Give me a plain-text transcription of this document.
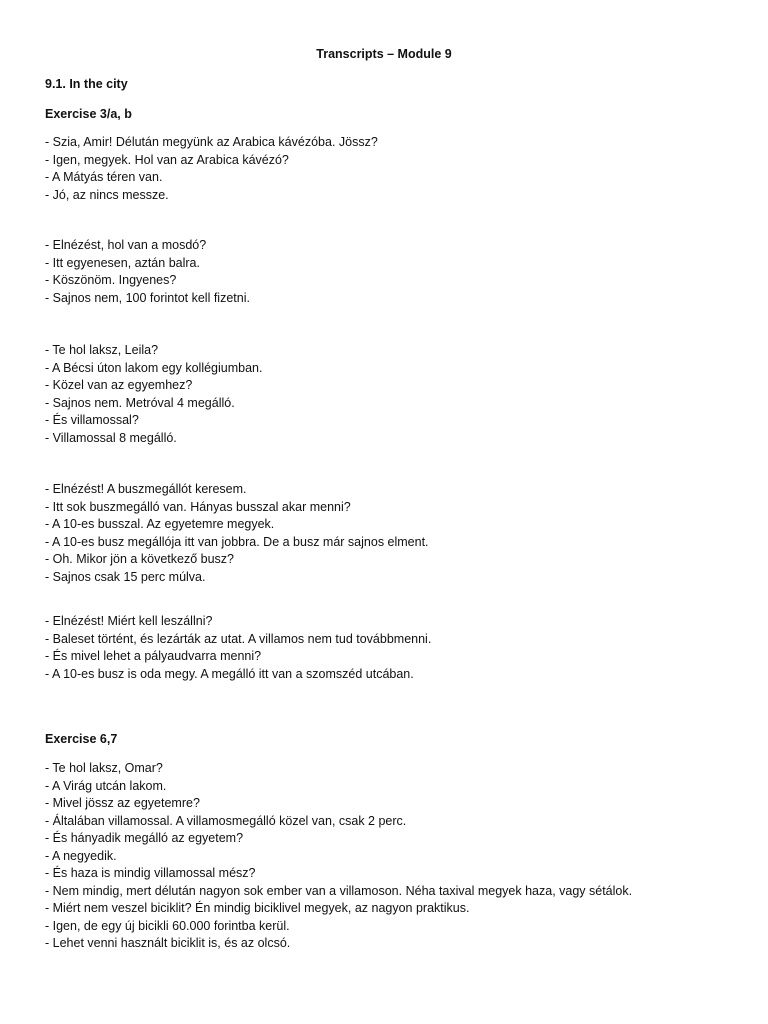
Transcripts – Module 9

9.1. In the city

Exercise 3/a, b

- Szia, Amir! Délután megyünk az Arabica kávézóba. Jössz?
- Igen, megyek. Hol van az Arabica kávézó?
- A Mátyás téren van.
- Jó, az nincs messze.
- Elnézést, hol van a mosdó?
- Itt egyenesen, aztán balra.
- Köszönöm. Ingyenes?
- Sajnos nem, 100 forintot kell fizetni.
- Te hol laksz, Leila?
- A Bécsi úton lakom egy kollégiumban.
- Közel van az egyemhez?
- Sajnos nem. Metróval 4 megálló.
- És villamossal?
- Villamossal 8 megálló.
- Elnézést! A buszmegállót keresem.
- Itt sok buszmegálló van. Hányas busszal akar menni?
- A 10-es busszal. Az egyetemre megyek.
- A 10-es busz megállója itt van jobbra. De a busz már sajnos elment.
- Oh. Mikor jön a következő busz?
- Sajnos csak 15 perc múlva.
- Elnézést! Miért kell leszállni?
- Baleset történt, és lezárták az utat. A villamos nem tud továbbmenni.
- És mivel lehet a pályaudvarra menni?
- A 10-es busz is oda megy. A megálló itt van a szomszéd utcában.

Exercise 6,7

- Te hol laksz, Omar?
- A Virág utcán lakom.
- Mivel jössz az egyetemre?
- Általában villamossal. A villamosmegálló közel van, csak 2 perc.
- És hányadik megálló az egyetem?
- A negyedik.
- És haza is mindig villamossal mész?
- Nem mindig, mert délután nagyon sok ember van a villamoson. Néha taxival megyek haza, vagy sétálok.
- Miért nem veszel biciklit? Én mindig biciklivel megyek, az nagyon praktikus.
- Igen, de egy új bicikli 60.000 forintba kerül.
- Lehet venni használt biciklit is, és az olcsó.
